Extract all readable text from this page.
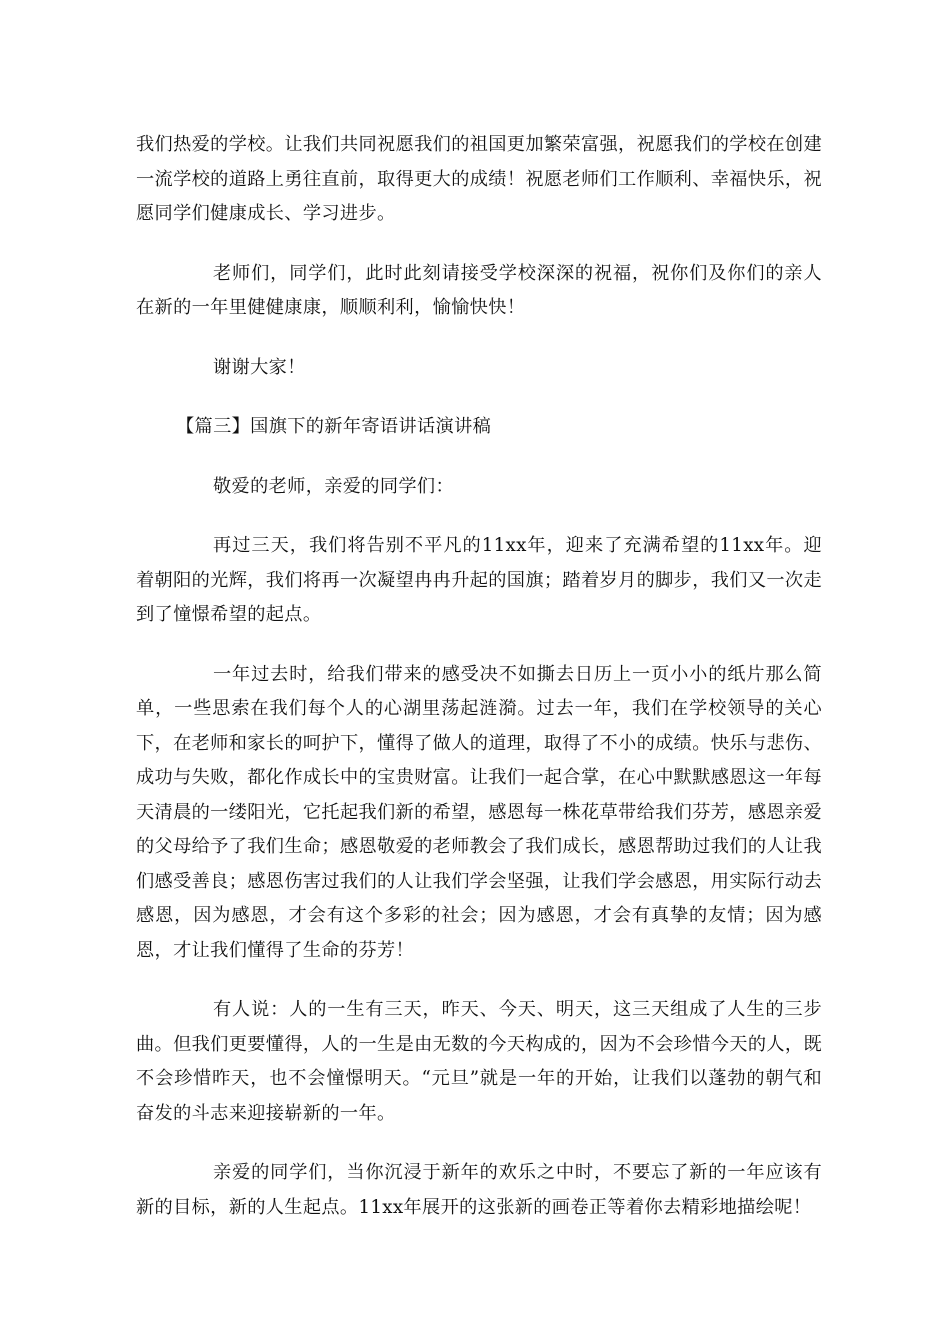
我们热爱的学校。让我们共同祝愿我们的祖国更加繁荣富强，祝愿我们的学校在创建一流学校的道路上勇往直前，取得更大的成绩！祝愿老师们工作顺利、幸福快乐，祝愿同学们健康成长、学习进步。

老师们，同学们，此时此刻请接受学校深深的祝福，祝你们及你们的亲人在新的一年里健健康康，顺顺利利，愉愉快快！

谢谢大家！

【篇三】国旗下的新年寄语讲话演讲稿

敬爱的老师，亲爱的同学们：

再过三天，我们将告别不平凡的11xx年，迎来了充满希望的11xx年。迎着朝阳的光辉，我们将再一次凝望冉冉升起的国旗；踏着岁月的脚步，我们又一次走到了憧憬希望的起点。

一年过去时，给我们带来的感受决不如撕去日历上一页小小的纸片那么简单，一些思索在我们每个人的心湖里荡起涟漪。过去一年，我们在学校领导的关心下，在老师和家长的呵护下，懂得了做人的道理，取得了不小的成绩。快乐与悲伤、成功与失败，都化作成长中的宝贵财富。让我们一起合掌，在心中默默感恩这一年每天清晨的一缕阳光，它托起我们新的希望，感恩每一株花草带给我们芬芳，感恩亲爱的父母给予了我们生命；感恩敬爱的老师教会了我们成长，感恩帮助过我们的人让我们感受善良；感恩伤害过我们的人让我们学会坚强，让我们学会感恩，用实际行动去感恩，因为感恩，才会有这个多彩的社会；因为感恩，才会有真挚的友情；因为感恩，才让我们懂得了生命的芬芳！

有人说：人的一生有三天，昨天、今天、明天，这三天组成了人生的三步曲。但我们更要懂得，人的一生是由无数的今天构成的，因为不会珍惜今天的人，既不会珍惜昨天，也不会憧憬明天。“元旦”就是一年的开始，让我们以蓬勃的朝气和奋发的斗志来迎接崭新的一年。

亲爱的同学们，当你沉浸于新年的欢乐之中时，不要忘了新的一年应该有新的目标，新的人生起点。11xx年展开的这张新的画卷正等着你去精彩地描绘呢！
